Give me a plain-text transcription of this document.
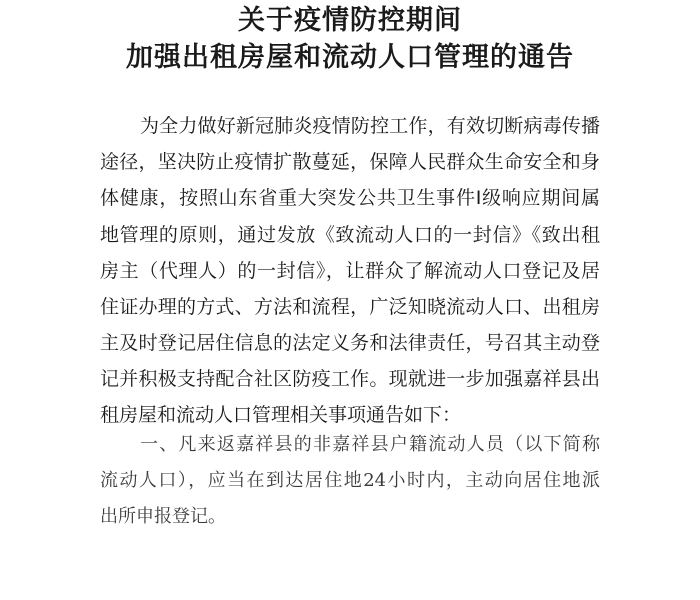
关于疫情防控期间
加强出租房屋和流动人口管理的通告
为全力做好新冠肺炎疫情防控工作，有效切断病毒传播
途径，坚决防止疫情扩散蔓延，保障人民群众生命安全和身
体健康，按照山东省重大突发公共卫生事件Ⅰ级响应期间属
地管理的原则，通过发放《致流动人口的一封信》《致出租
房主（代理人）的一封信》，让群众了解流动人口登记及居
住证办理的方式、方法和流程，广泛知晓流动人口、出租房
主及时登记居住信息的法定义务和法律责任，号召其主动登
记并积极支持配合社区防疫工作。现就进一步加强嘉祥县出
租房屋和流动人口管理相关事项通告如下：
一、凡来返嘉祥县的非嘉祥县户籍流动人员（以下简称
流动人口），应当在到达居住地24小时内，主动向居住地派
出所申报登记。
